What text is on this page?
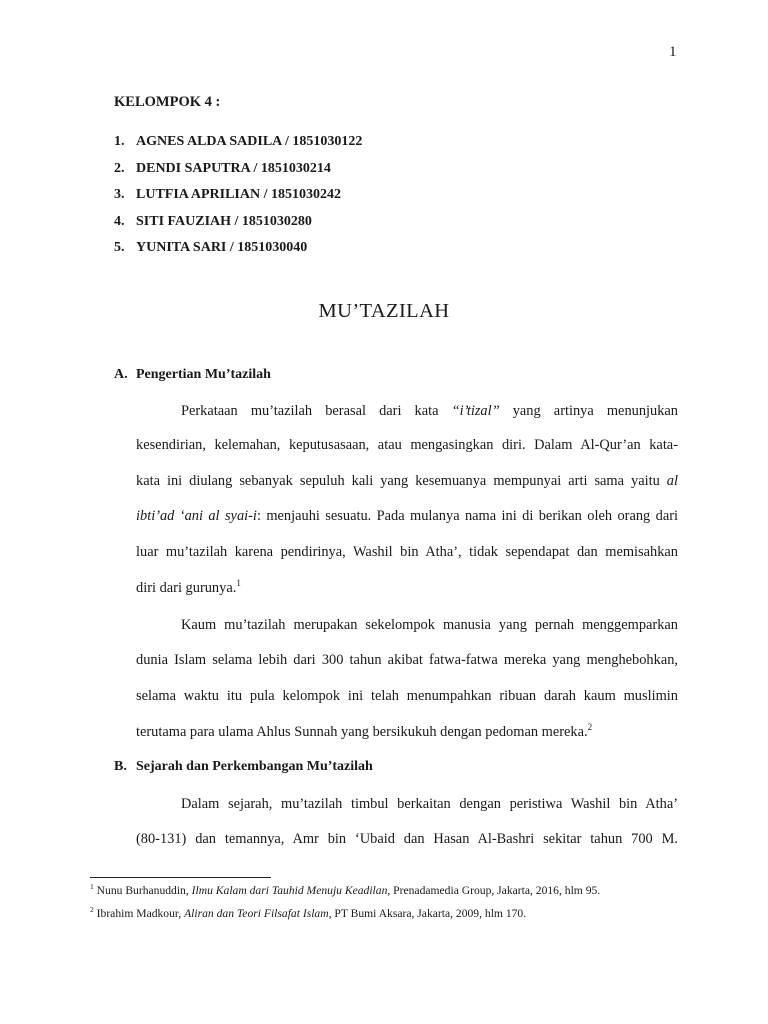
1
KELOMPOK 4 :
1. AGNES ALDA SADILA / 1851030122
2. DENDI SAPUTRA / 1851030214
3. LUTFIA APRILIAN / 1851030242
4. SITI FAUZIAH / 1851030280
5. YUNITA SARI / 1851030040
MU’TAZILAH
A. Pengertian Mu’tazilah
Perkataan mu’tazilah berasal dari kata “i’tizal” yang artinya menunjukan
kesendirian, kelemahan, keputusasaan, atau mengasingkan diri. Dalam Al-Qur’an kata-
kata ini diulang sebanyak sepuluh kali yang kesemuanya mempunyai arti sama yaitu al
ibti’ad ‘ani al syai-i: menjauhi sesuatu. Pada mulanya nama ini di berikan oleh orang dari
luar mu’tazilah karena pendirinya, Washil bin Atha’, tidak sependapat dan memisahkan
diri dari gurunya.$^1$
Kaum mu’tazilah merupakan sekelompok manusia yang pernah menggemparkan
dunia Islam selama lebih dari 300 tahun akibat fatwa-fatwa mereka yang menghebohkan,
selama waktu itu pula kelompok ini telah menumpahkan ribuan darah kaum muslimin
terutama para ulama Ahlus Sunnah yang bersikukuh dengan pedoman mereka.$^2$
B. Sejarah dan Perkembangan Mu’tazilah
Dalam sejarah, mu’tazilah timbul berkaitan dengan peristiwa Washil bin Atha’
(80-131) dan temannya, Amr bin ‘Ubaid dan Hasan Al-Bashri sekitar tahun 700 M.
$^1$ Nunu Burhanuddin, Ilmu Kalam dari Tauhid Menuju Keadilan, Prenadamedia Group, Jakarta, 2016, hlm 95.
$^2$ Ibrahim Madkour, Aliran dan Teori Filsafat Islam, PT Bumi Aksara, Jakarta, 2009, hlm 170.
